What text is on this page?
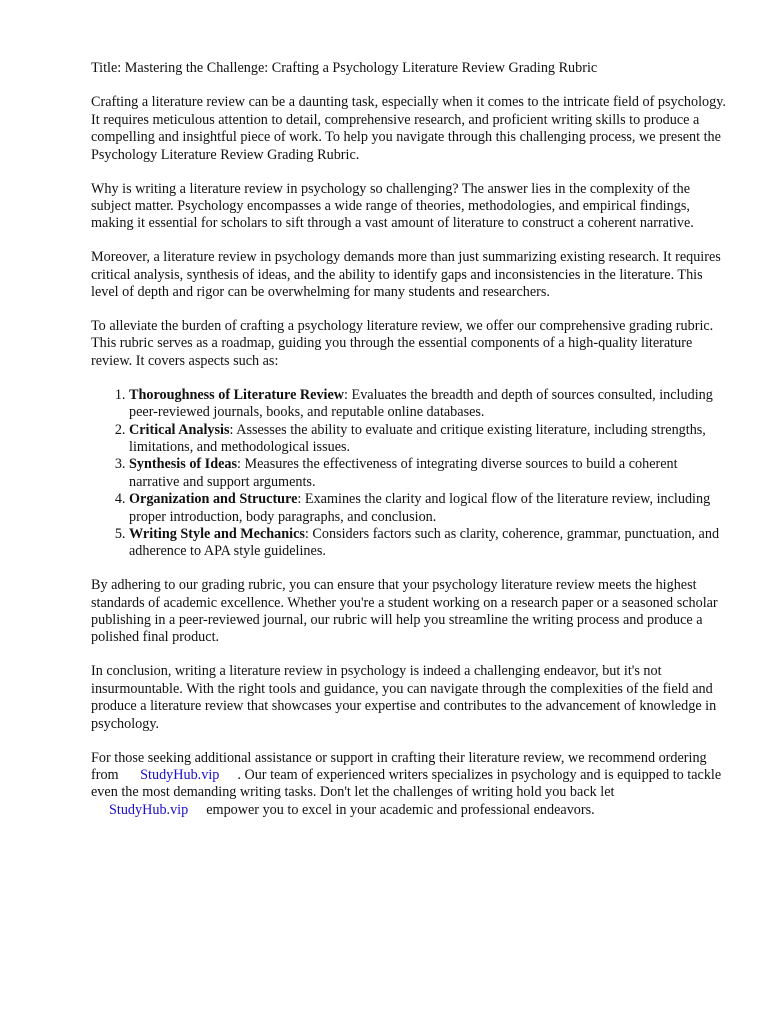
Title: Mastering the Challenge: Crafting a Psychology Literature Review Grading Rubric

Crafting a literature review can be a daunting task, especially when it comes to the intricate field of psychology. It requires meticulous attention to detail, comprehensive research, and proficient writing skills to produce a compelling and insightful piece of work. To help you navigate through this challenging process, we present the Psychology Literature Review Grading Rubric.

Why is writing a literature review in psychology so challenging? The answer lies in the complexity of the subject matter. Psychology encompasses a wide range of theories, methodologies, and empirical findings, making it essential for scholars to sift through a vast amount of literature to construct a coherent narrative.

Moreover, a literature review in psychology demands more than just summarizing existing research. It requires critical analysis, synthesis of ideas, and the ability to identify gaps and inconsistencies in the literature. This level of depth and rigor can be overwhelming for many students and researchers.

To alleviate the burden of crafting a psychology literature review, we offer our comprehensive grading rubric. This rubric serves as a roadmap, guiding you through the essential components of a high-quality literature review. It covers aspects such as:

1. Thoroughness of Literature Review: Evaluates the breadth and depth of sources consulted, including peer-reviewed journals, books, and reputable online databases.
2. Critical Analysis: Assesses the ability to evaluate and critique existing literature, including strengths, limitations, and methodological issues.
3. Synthesis of Ideas: Measures the effectiveness of integrating diverse sources to build a coherent narrative and support arguments.
4. Organization and Structure: Examines the clarity and logical flow of the literature review, including proper introduction, body paragraphs, and conclusion.
5. Writing Style and Mechanics: Considers factors such as clarity, coherence, grammar, punctuation, and adherence to APA style guidelines.

By adhering to our grading rubric, you can ensure that your psychology literature review meets the highest standards of academic excellence. Whether you're a student working on a research paper or a seasoned scholar publishing in a peer-reviewed journal, our rubric will help you streamline the writing process and produce a polished final product.

In conclusion, writing a literature review in psychology is indeed a challenging endeavor, but it's not insurmountable. With the right tools and guidance, you can navigate through the complexities of the field and produce a literature review that showcases your expertise and contributes to the advancement of knowledge in psychology.

For those seeking additional assistance or support in crafting their literature review, we recommend ordering from StudyHub.vip . Our team of experienced writers specializes in psychology and is equipped to tackle even the most demanding writing tasks. Don't let the challenges of writing hold you back let StudyHub.vip empower you to excel in your academic and professional endeavors.
